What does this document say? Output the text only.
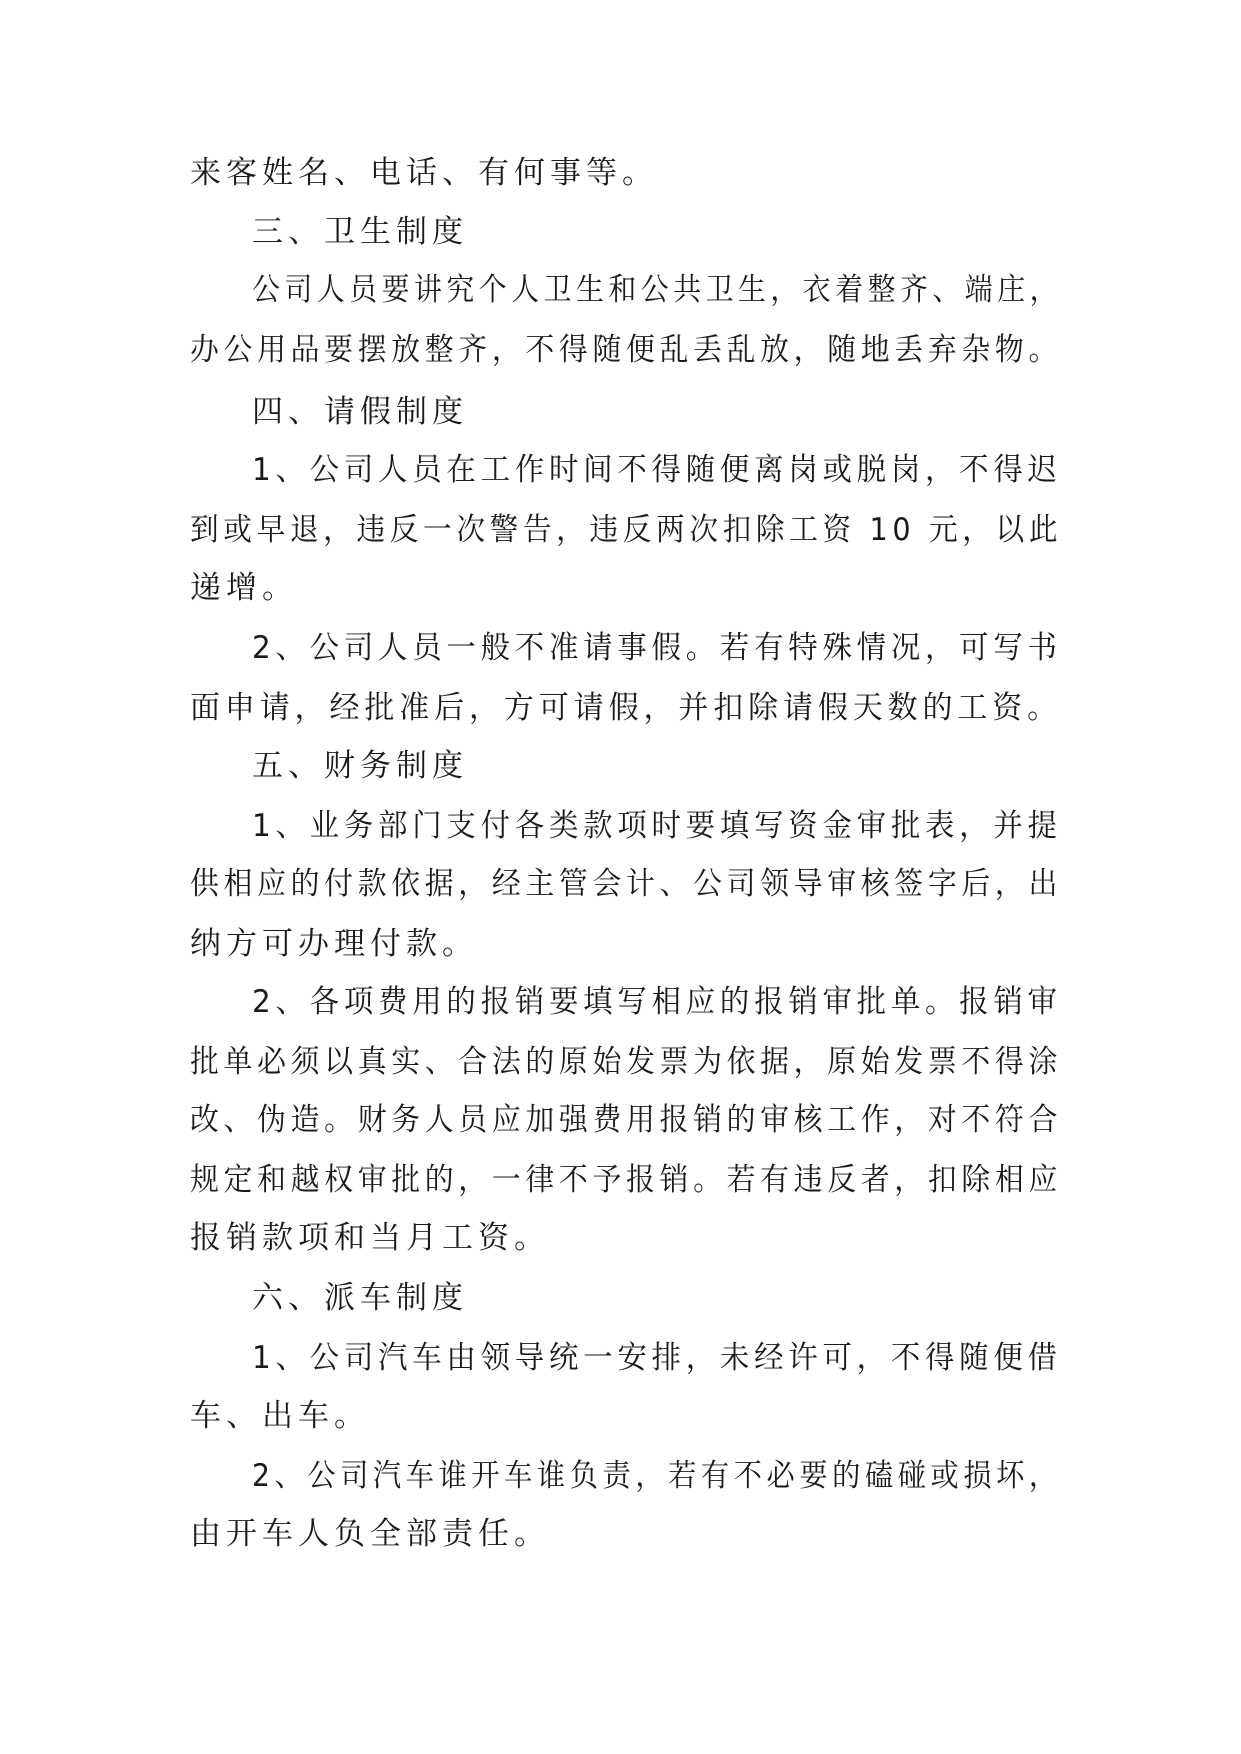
来客姓名、电话、有何事等。
三、卫生制度
公司人员要讲究个人卫生和公共卫生，衣着整齐、端庄，
办公用品要摆放整齐，不得随便乱丢乱放，随地丢弃杂物。
四、请假制度
1、公司人员在工作时间不得随便离岗或脱岗，不得迟
到或早退，违反一次警告，违反两次扣除工资 10 元，以此
递增。
2、公司人员一般不准请事假。若有特殊情况，可写书
面申请，经批准后，方可请假，并扣除请假天数的工资。
五、财务制度
1、业务部门支付各类款项时要填写资金审批表，并提
供相应的付款依据，经主管会计、公司领导审核签字后，出
纳方可办理付款。
2、各项费用的报销要填写相应的报销审批单。报销审
批单必须以真实、合法的原始发票为依据，原始发票不得涂
改、伪造。财务人员应加强费用报销的审核工作，对不符合
规定和越权审批的，一律不予报销。若有违反者，扣除相应
报销款项和当月工资。
六、派车制度
1、公司汽车由领导统一安排，未经许可，不得随便借
车、出车。
2、公司汽车谁开车谁负责，若有不必要的磕碰或损坏，
由开车人负全部责任。
